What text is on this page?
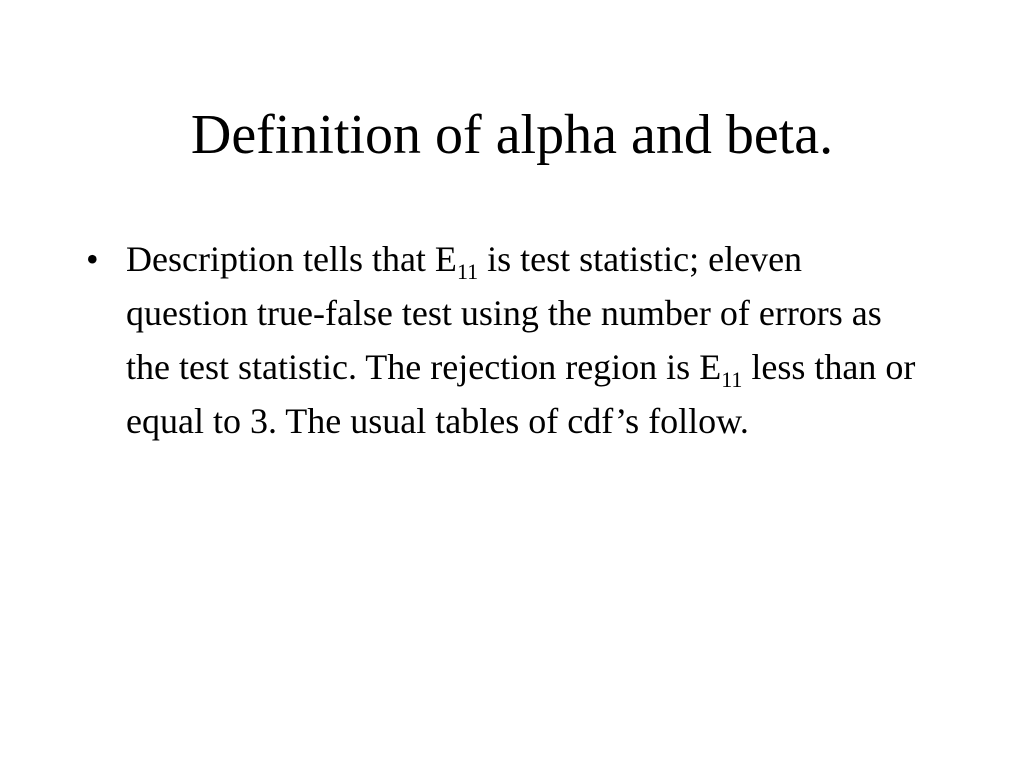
Definition of alpha and beta.
• Description tells that $E_{11}$ is test statistic; eleven question true-false test using the number of errors as the test statistic. The rejection region is $E_{11}$ less than or equal to 3. The usual tables of cdf’s follow.
